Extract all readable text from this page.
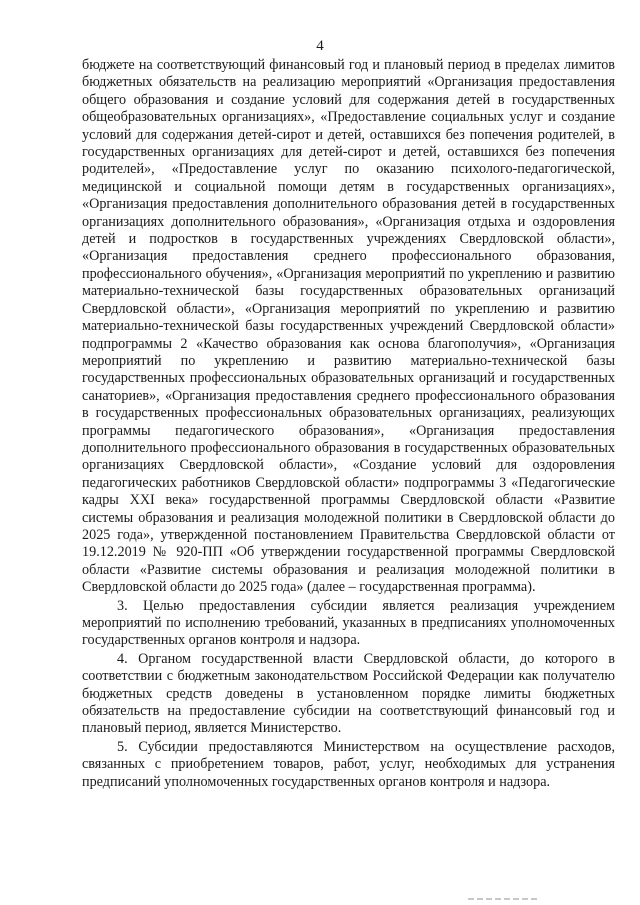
4

бюджете на соответствующий финансовый год и плановый период в пределах лимитов бюджетных обязательств на реализацию мероприятий «Организация предоставления общего образования и создание условий для содержания детей в государственных общеобразовательных организациях», «Предоставление социальных услуг и создание условий для содержания детей-сирот и детей, оставшихся без попечения родителей, в государственных организациях для детей-сирот и детей, оставшихся без попечения родителей», «Предоставление услуг по оказанию психолого-педагогической, медицинской и социальной помощи детям в государственных организациях», «Организация предоставления дополнительного образования детей в государственных организациях дополнительного образования», «Организация отдыха и оздоровления детей и подростков в государственных учреждениях Свердловской области», «Организация предоставления среднего профессионального образования, профессионального обучения», «Организация мероприятий по укреплению и развитию материально-технической базы государственных образовательных организаций Свердловской области», «Организация мероприятий по укреплению и развитию материально-технической базы государственных учреждений Свердловской области» подпрограммы 2 «Качество образования как основа благополучия», «Организация мероприятий по укреплению и развитию материально-технической базы государственных профессиональных образовательных организаций и государственных санаториев», «Организация предоставления среднего профессионального образования в государственных профессиональных образовательных организациях, реализующих программы педагогического образования», «Организация предоставления дополнительного профессионального образования в государственных образовательных организациях Свердловской области», «Создание условий для оздоровления педагогических работников Свердловской области» подпрограммы 3 «Педагогические кадры XXI века» государственной программы Свердловской области «Развитие системы образования и реализация молодежной политики в Свердловской области до 2025 года», утвержденной постановлением Правительства Свердловской области от 19.12.2019 № 920-ПП «Об утверждении государственной программы Свердловской области «Развитие системы образования и реализация молодежной политики в Свердловской области до 2025 года» (далее – государственная программа).

3. Целью предоставления субсидии является реализация учреждением мероприятий по исполнению требований, указанных в предписаниях уполномоченных государственных органов контроля и надзора.

4. Органом государственной власти Свердловской области, до которого в соответствии с бюджетным законодательством Российской Федерации как получателю бюджетных средств доведены в установленном порядке лимиты бюджетных обязательств на предоставление субсидии на соответствующий финансовый год и плановый период, является Министерство.

5. Субсидии предоставляются Министерством на осуществление расходов, связанных с приобретением товаров, работ, услуг, необходимых для устранения предписаний уполномоченных государственных органов контроля и надзора.
